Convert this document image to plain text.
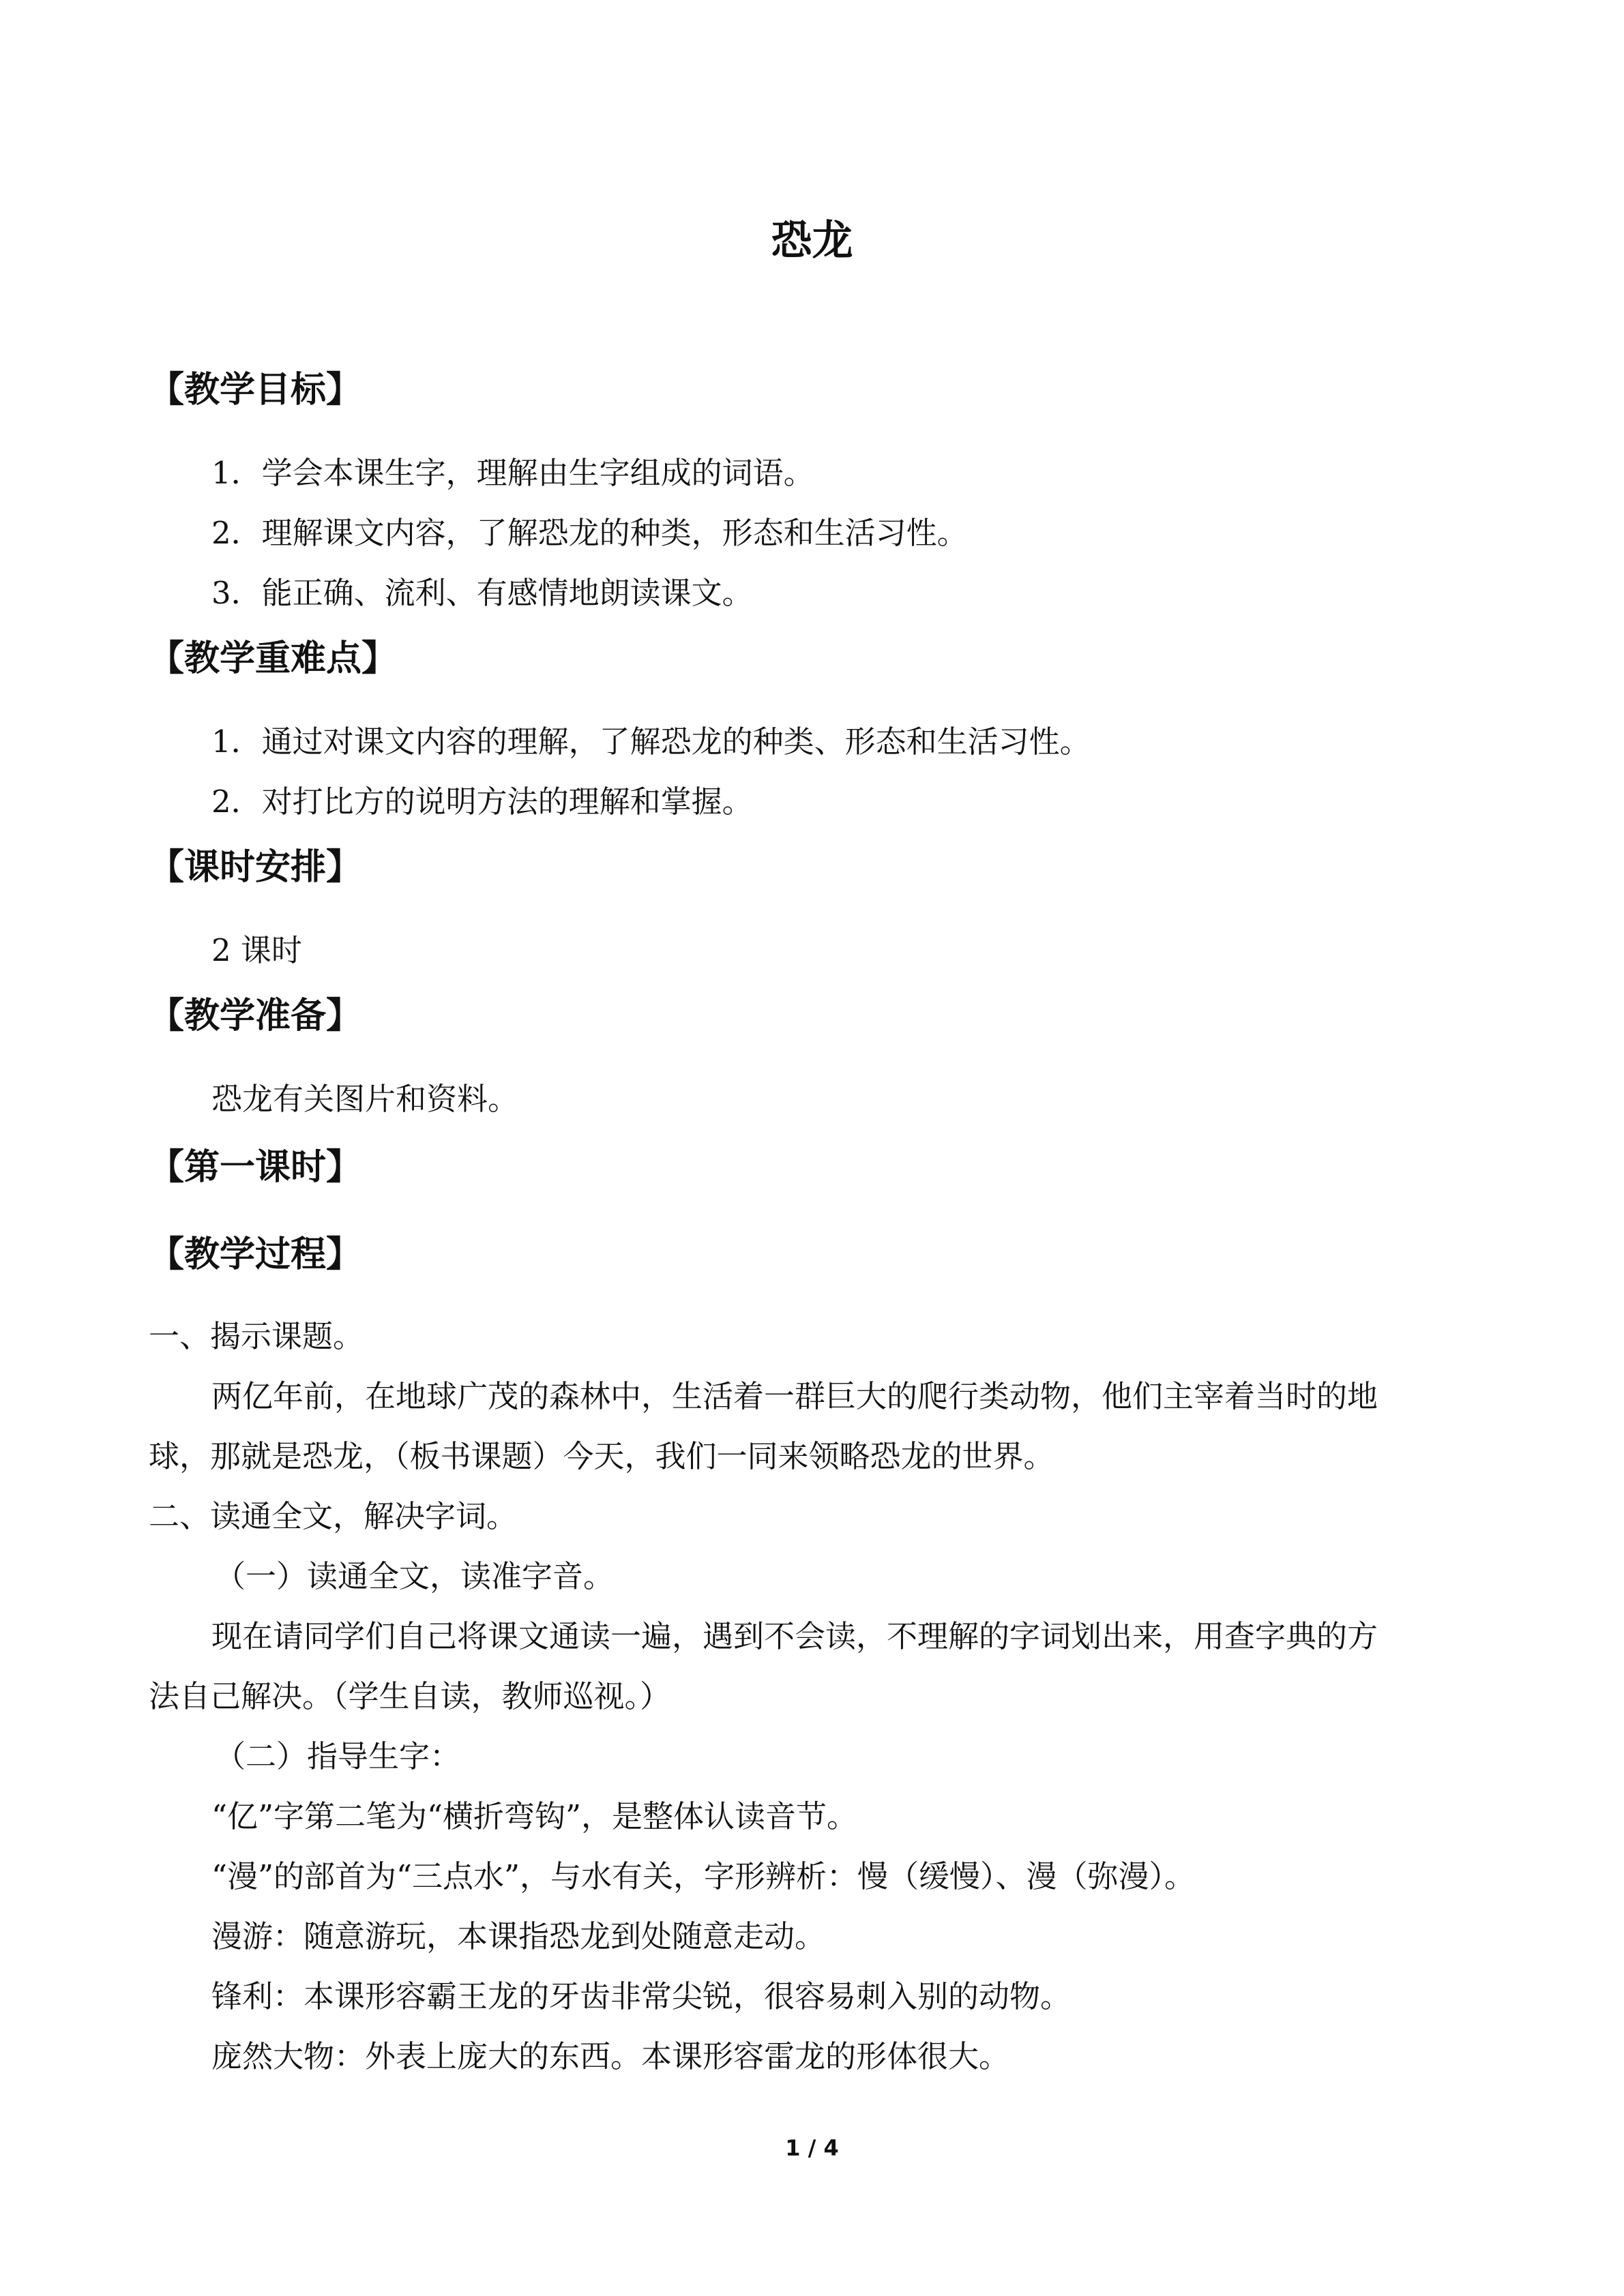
恐龙
【教学目标】
1．学会本课生字，理解由生字组成的词语。
2．理解课文内容，了解恐龙的种类，形态和生活习性。
3．能正确、流利、有感情地朗读课文。
【教学重难点】
1．通过对课文内容的理解，了解恐龙的种类、形态和生活习性。
2．对打比方的说明方法的理解和掌握。
【课时安排】
2 课时
【教学准备】
恐龙有关图片和资料。
【第一课时】
【教学过程】
一、揭示课题。
两亿年前，在地球广茂的森林中，生活着一群巨大的爬行类动物，他们主宰着当时的地
球，那就是恐龙，（板书课题）今天，我们一同来领略恐龙的世界。
二、读通全文，解决字词。
（一）读通全文，读准字音。
现在请同学们自己将课文通读一遍，遇到不会读，不理解的字词划出来，用查字典的方
法自己解决。（学生自读，教师巡视。）
（二）指导生字：
“亿”字第二笔为“横折弯钩”，是整体认读音节。
“漫”的部首为“三点水”，与水有关，字形辨析：慢（缓慢）、漫（弥漫）。
漫游：随意游玩，本课指恐龙到处随意走动。
锋利：本课形容霸王龙的牙齿非常尖锐，很容易刺入别的动物。
庞然大物：外表上庞大的东西。本课形容雷龙的形体很大。
1 / 4
